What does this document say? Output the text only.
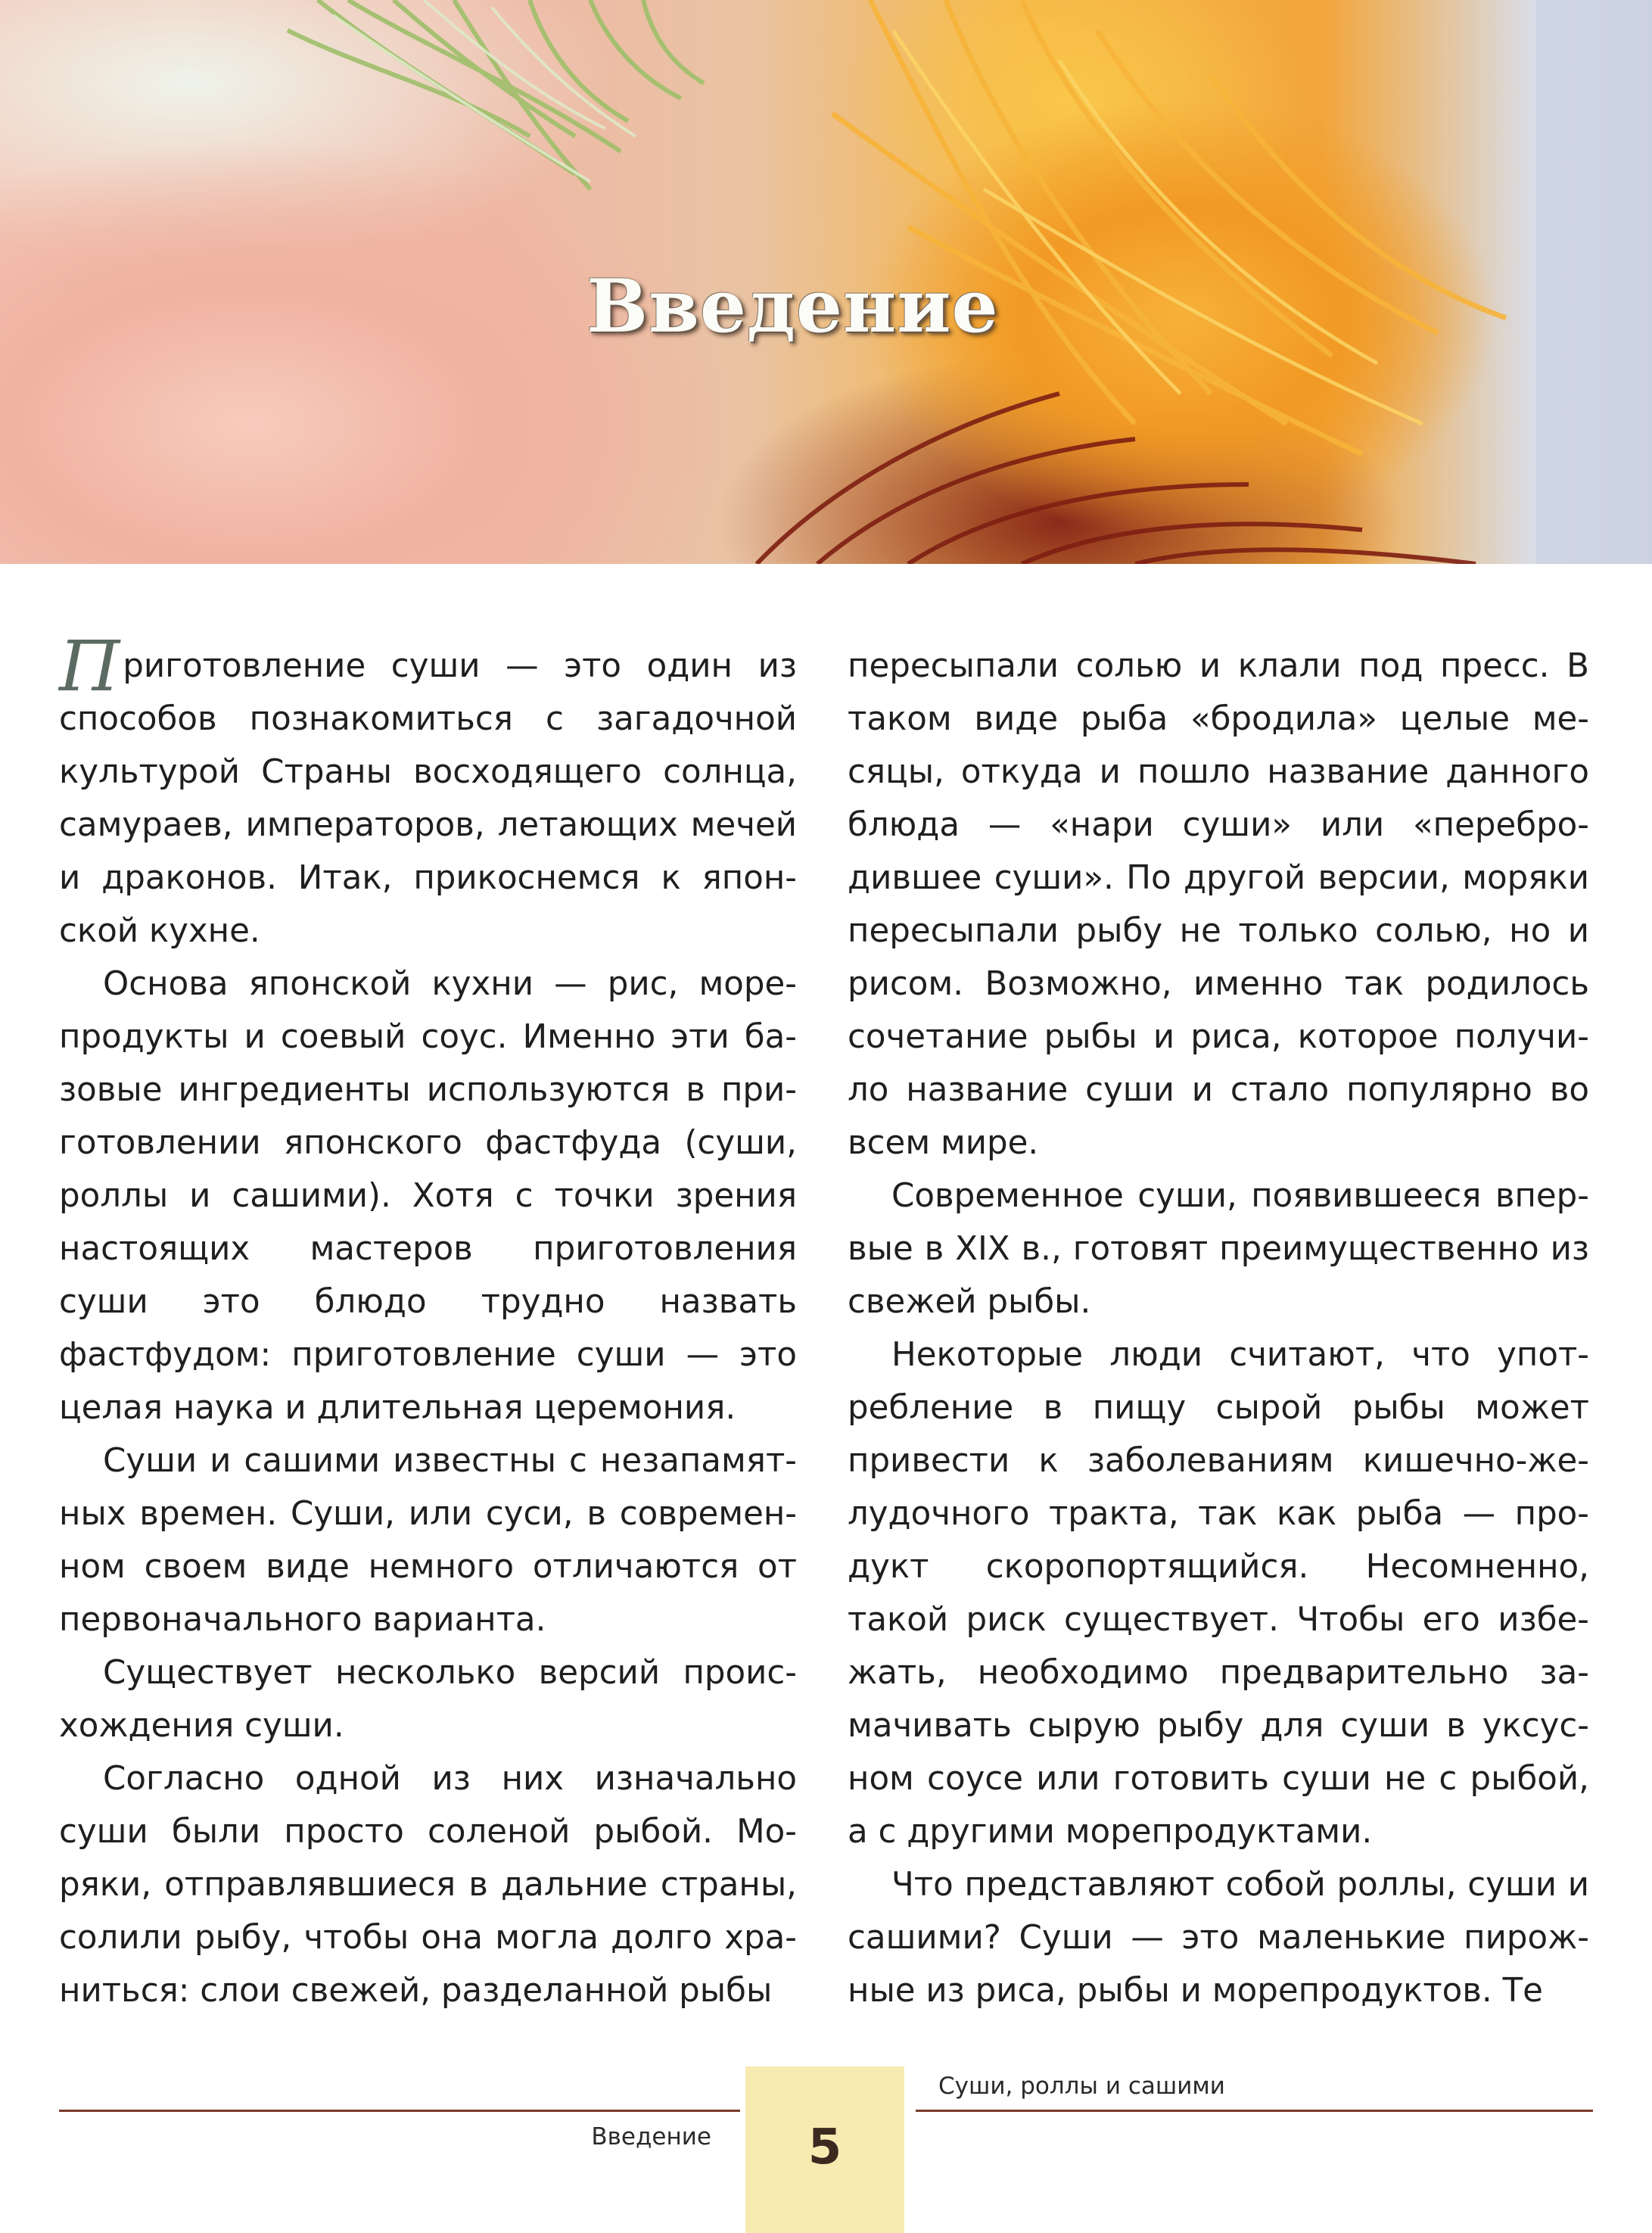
Введение

Приготовление суши — это один из способов познакомиться с загадочной культурой Страны восходящего солнца, самураев, императоров, летающих мечей и драконов. Итак, прикоснемся к японской кухне.

Основа японской кухни — рис, морепродукты и соевый соус. Именно эти базовые ингредиенты используются в приготовлении японского фастфуда (суши, роллы и сашими). Хотя с точки зрения настоящих мастеров приготовления суши это блюдо трудно назвать фастфудом: приготовление суши — это целая наука и длительная церемония.

Суши и сашими известны с незапамятных времен. Суши, или суси, в современном своем виде немного отличаются от первоначального варианта.

Существует несколько версий происхождения суши.

Согласно одной из них изначально суши были просто соленой рыбой. Моряки, отправлявшиеся в дальние страны, солили рыбу, чтобы она могла долго храниться: слои свежей, разделанной рыбы

пересыпали солью и клали под пресс. В таком виде рыба «бродила» целые месяцы, откуда и пошло название данного блюда — «нари суши» или «перебродившее суши». По другой версии, моряки пересыпали рыбу не только солью, но и рисом. Возможно, именно так родилось сочетание рыбы и риса, которое получило название суши и стало популярно во всем мире.

Современное суши, появившееся впервые в XIX в., готовят преимущественно из свежей рыбы.

Некоторые люди считают, что употребление в пищу сырой рыбы может привести к заболеваниям кишечно-желудочного тракта, так как рыба — продукт скоропортящийся. Несомненно, такой риск существует. Чтобы его избежать, необходимо предварительно замачивать сырую рыбу для суши в уксусном соусе или готовить суши не с рыбой, а с другими морепродуктами.

Что представляют собой роллы, суши и сашими? Суши — это маленькие пирожные из риса, рыбы и морепродуктов. Те

Суши, роллы и сашими
Введение	5
